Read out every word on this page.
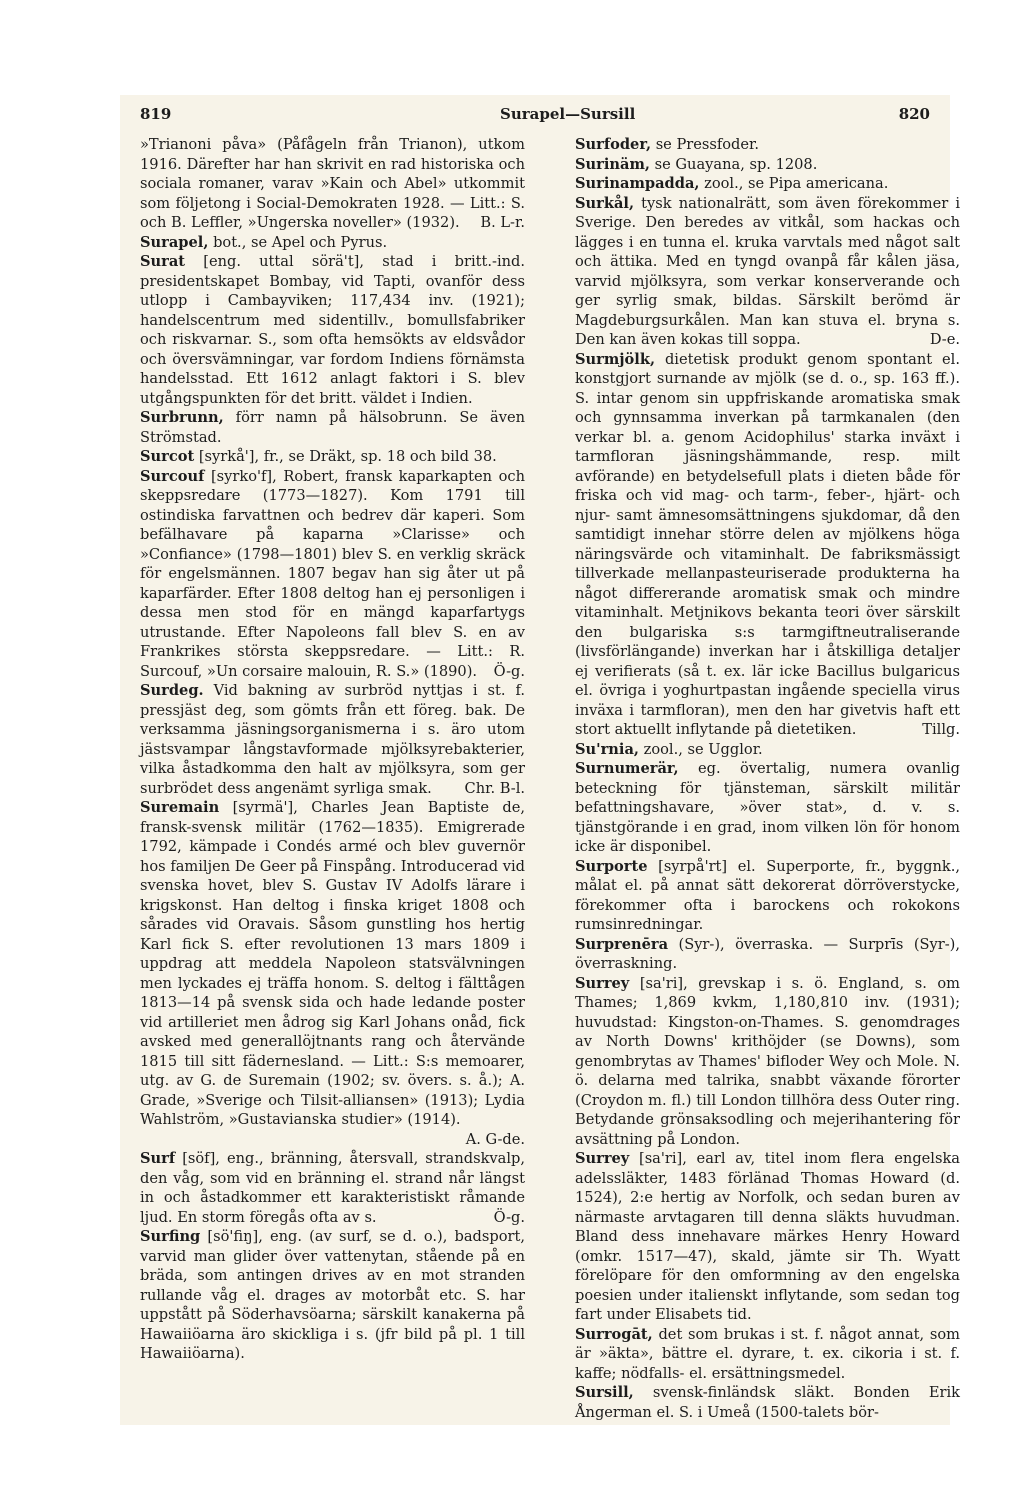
819	Surapel—Sursill	820

»Trianoni påva» (Påfågeln från Trianon), utkom 1916. Därefter har han skrivit en rad historiska och sociala romaner, varav »Kain och Abel» utkommit som följetong i Social-Demokraten 1928. — Litt.: S. och B. Leffler, »Ungerska noveller» (1932). B. L-r.

Surapel, bot., se Apel och Pyrus.

Surat [eng. uttal sörä't], stad i britt.-ind. presidentskapet Bombay, vid Tapti, ovanför dess utlopp i Cambayviken; 117,434 inv. (1921); handelscentrum med sidentillv., bomullsfabriker och riskvarnar. S., som ofta hemsökts av eldsvådor och översvämningar, var fordom Indiens förnämsta handelsstad. Ett 1612 anlagt faktori i S. blev utgångspunkten för det britt. väldet i Indien.

Surbrunn, förr namn på hälsobrunn. Se även Strömstad.

Surcot [syrkå'], fr., se Dräkt, sp. 18 och bild 38.

Surcouf [syrko'f], Robert, fransk kaparkapten och skeppsredare (1773—1827). Kom 1791 till ostindiska farvattnen och bedrev där kaperi. Som befälhavare på kaparna »Clarisse» och »Confiance» (1798—1801) blev S. en verklig skräck för engelsmännen. 1807 begav han sig åter ut på kaparfärder. Efter 1808 deltog han ej personligen i dessa men stod för en mängd kaparfartygs utrustande. Efter Napoleons fall blev S. en av Frankrikes största skeppsredare. — Litt.: R. Surcouf, »Un corsaire malouin, R. S.» (1890). Ö-g.

Surdeg. Vid bakning av surbröd nyttjas i st. f. pressjäst deg, som gömts från ett föreg. bak. De verksamma jäsningsorganismerna i s. äro utom jästsvampar långstavformade mjölksyrebakterier, vilka åstadkomma den halt av mjölksyra, som ger surbrödet dess angenämt syrliga smak. Chr. B-l.

Suremain [syrmä'], Charles Jean Baptiste de, fransk-svensk militär (1762—1835). Emigrerade 1792, kämpade i Condés armé och blev guvernör hos familjen De Geer på Finspång. Introducerad vid svenska hovet, blev S. Gustav IV Adolfs lärare i krigskonst. Han deltog i finska kriget 1808 och sårades vid Oravais. Såsom gunstling hos hertig Karl fick S. efter revolutionen 13 mars 1809 i uppdrag att meddela Napoleon statsvälvningen men lyckades ej träffa honom. S. deltog i fälttågen 1813—14 på svensk sida och hade ledande poster vid artilleriet men ådrog sig Karl Johans onåd, fick avsked med generallöjtnants rang och återvände 1815 till sitt fädernesland. — Litt.: S:s memoarer, utg. av G. de Suremain (1902; sv. övers. s. å.); A. Grade, »Sverige och Tilsit-alliansen» (1913); Lydia Wahlström, »Gustavianska studier» (1914).
A. G-de.

Surf [söf], eng., bränning, återsvall, strandskvalp, den våg, som vid en bränning el. strand når längst in och åstadkommer ett karakteristiskt råmande ljud. En storm föregås ofta av s.	Ö-g.

Surfing [sö'fiŋ], eng. (av surf, se d. o.), badsport, varvid man glider över vattenytan, stående på en bräda, som antingen drives av en mot stranden rullande våg el. drages av motorbåt etc. S. har uppstått på Söderhavsöarna; särskilt kanakerna på Hawaiiöarna äro skickliga i s. (jfr bild på pl. 1 till Hawaiiöarna).

Surfoder, se Pressfoder.

Surinäm, se Guayana, sp. 1208.

Surinampadda, zool., se Pipa americana.

Surkål, tysk nationalrätt, som även förekommer i Sverige. Den beredes av vitkål, som hackas och lägges i en tunna el. kruka varvtals med något salt och ättika. Med en tyngd ovanpå får kålen jäsa, varvid mjölksyra, som verkar konserverande och ger syrlig smak, bildas. Särskilt berömd är Magdeburgsurkålen. Man kan stuva el. bryna s. Den kan även kokas till soppa.	D-e.

Surmjölk, dietetisk produkt genom spontant el. konstgjort surnande av mjölk (se d. o., sp. 163 ff.). S. intar genom sin uppfriskande aromatiska smak och gynnsamma inverkan på tarmkanalen (den verkar bl. a. genom Acidophilus' starka inväxt i tarmfloran jäsningshämmande, resp. milt avförande) en betydelsefull plats i dieten både för friska och vid mag- och tarm-, feber-, hjärt- och njur- samt ämnesomsättningens sjukdomar, då den samtidigt innehar större delen av mjölkens höga näringsvärde och vitaminhalt. De fabriksmässigt tillverkade mellanpasteuriserade produkterna ha något differerande aromatisk smak och mindre vitaminhalt. Metjnikovs bekanta teori över särskilt den bulgariska s:s tarmgiftneutraliserande (livsförlängande) inverkan har i åtskilliga detaljer ej verifierats (så t. ex. lär icke Bacillus bulgaricus el. övriga i yoghurtpastan ingående speciella virus inväxa i tarmfloran), men den har givetvis haft ett stort aktuellt inflytande på dietetiken.	Tillg.

Su'rnia, zool., se Ugglor.

Surnumerär, eg. övertalig, numera ovanlig beteckning för tjänsteman, särskilt militär befattningshavare, »över stat», d. v. s. tjänstgörande i en grad, inom vilken lön för honom icke är disponibel.

Surporte [syrpå'rt] el. Superporte, fr., byggnk., målat el. på annat sätt dekorerat dörröverstycke, förekommer ofta i barockens och rokokons rumsinredningar.

Surprenēra (Syr-), överraska. — Surprīs (Syr-), överraskning.

Surrey [sa'ri], grevskap i s. ö. England, s. om Thames; 1,869 kvkm, 1,180,810 inv. (1931); huvudstad: Kingston-on-Thames. S. genomdrages av North Downs' krithöjder (se Downs), som genombrytas av Thames' bifloder Wey och Mole. N. ö. delarna med talrika, snabbt växande förorter (Croydon m. fl.) till London tillhöra dess Outer ring. Betydande grönsaksodling och mejerihantering för avsättning på London.

Surrey [sa'ri], earl av, titel inom flera engelska adelssläkter, 1483 förlänad Thomas Howard (d. 1524), 2:e hertig av Norfolk, och sedan buren av närmaste arvtagaren till denna släkts huvudman. Bland dess innehavare märkes Henry Howard (omkr. 1517—47), skald, jämte sir Th. Wyatt förelöpare för den omformning av den engelska poesien under italienskt inflytande, som sedan tog fart under Elisabets tid.

Surrogāt, det som brukas i st. f. något annat, som är »äkta», bättre el. dyrare, t. ex. cikoria i st. f. kaffe; nödfalls- el. ersättningsmedel.

Sursill, svensk-finländsk släkt. Bonden Erik Ångerman el. S. i Umeå (1500-talets bör-
